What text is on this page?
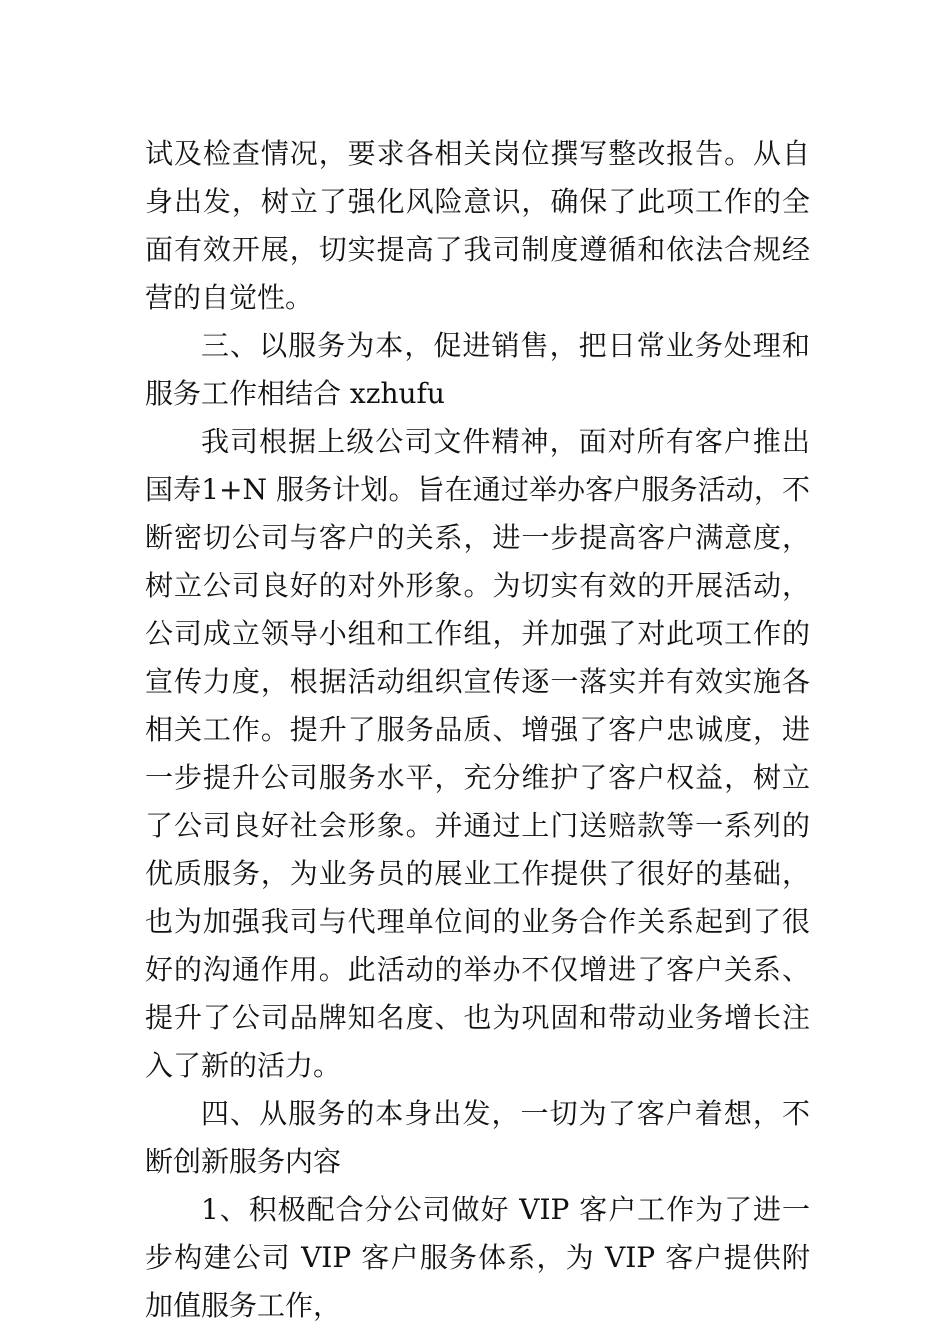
试及检查情况，要求各相关岗位撰写整改报告。从自身出发，树立了强化风险意识，确保了此项工作的全面有效开展，切实提高了我司制度遵循和依法合规经营的自觉性。

三、以服务为本，促进销售，把日常业务处理和服务工作相结合 xzhufu

我司根据上级公司文件精神，面对所有客户推出国寿1+N 服务计划。旨在通过举办客户服务活动，不断密切公司与客户的关系，进一步提高客户满意度，树立公司良好的对外形象。为切实有效的开展活动，公司成立领导小组和工作组，并加强了对此项工作的宣传力度，根据活动组织宣传逐一落实并有效实施各相关工作。提升了服务品质、增强了客户忠诚度，进一步提升公司服务水平，充分维护了客户权益，树立了公司良好社会形象。并通过上门送赔款等一系列的优质服务，为业务员的展业工作提供了很好的基础，也为加强我司与代理单位间的业务合作关系起到了很好的沟通作用。此活动的举办不仅增进了客户关系、提升了公司品牌知名度、也为巩固和带动业务增长注入了新的活力。

四、从服务的本身出发，一切为了客户着想，不断创新服务内容

1、积极配合分公司做好 VIP 客户工作为了进一步构建公司 VIP 客户服务体系，为 VIP 客户提供附加值服务工作，
